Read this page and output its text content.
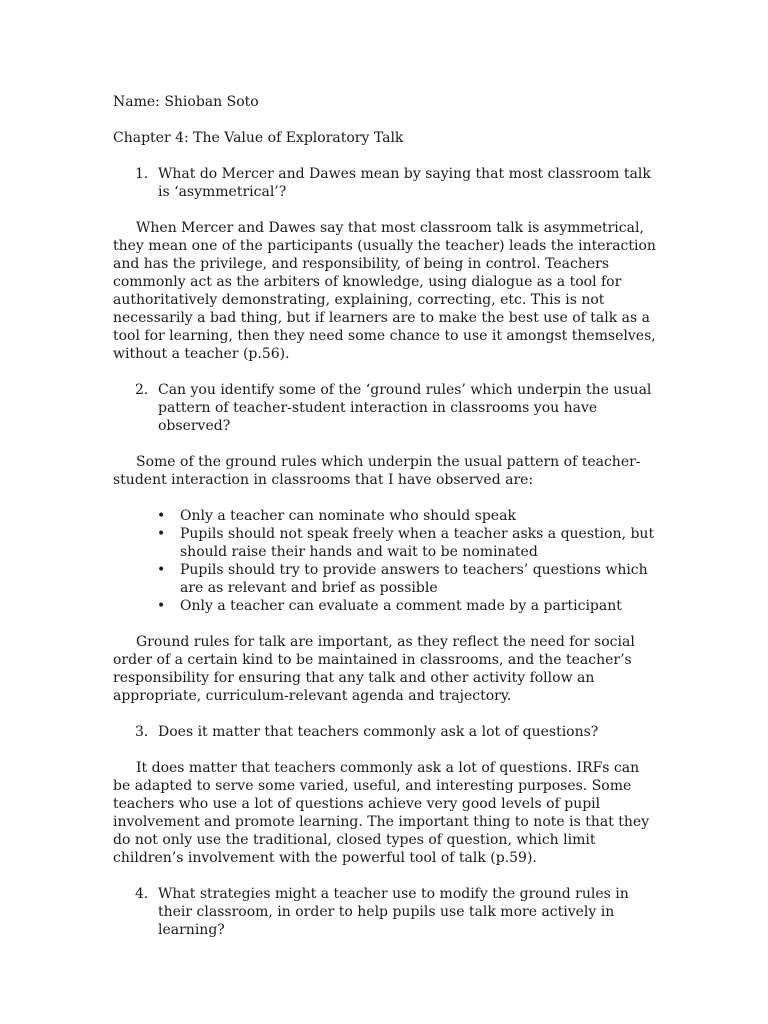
Name: Shioban Soto

Chapter 4: The Value of Exploratory Talk

1. What do Mercer and Dawes mean by saying that most classroom talk is ‘asymmetrical’?

When Mercer and Dawes say that most classroom talk is asymmetrical, they mean one of the participants (usually the teacher) leads the interaction and has the privilege, and responsibility, of being in control. Teachers commonly act as the arbiters of knowledge, using dialogue as a tool for authoritatively demonstrating, explaining, correcting, etc. This is not necessarily a bad thing, but if learners are to make the best use of talk as a tool for learning, then they need some chance to use it amongst themselves, without a teacher (p.56).

2. Can you identify some of the ‘ground rules’ which underpin the usual pattern of teacher-student interaction in classrooms you have observed?

Some of the ground rules which underpin the usual pattern of teacher-student interaction in classrooms that I have observed are:

• Only a teacher can nominate who should speak
• Pupils should not speak freely when a teacher asks a question, but should raise their hands and wait to be nominated
• Pupils should try to provide answers to teachers’ questions which are as relevant and brief as possible
• Only a teacher can evaluate a comment made by a participant

Ground rules for talk are important, as they reflect the need for social order of a certain kind to be maintained in classrooms, and the teacher’s responsibility for ensuring that any talk and other activity follow an appropriate, curriculum-relevant agenda and trajectory.

3. Does it matter that teachers commonly ask a lot of questions?

It does matter that teachers commonly ask a lot of questions. IRFs can be adapted to serve some varied, useful, and interesting purposes. Some teachers who use a lot of questions achieve very good levels of pupil involvement and promote learning. The important thing to note is that they do not only use the traditional, closed types of question, which limit children’s involvement with the powerful tool of talk (p.59).

4. What strategies might a teacher use to modify the ground rules in their classroom, in order to help pupils use talk more actively in learning?
